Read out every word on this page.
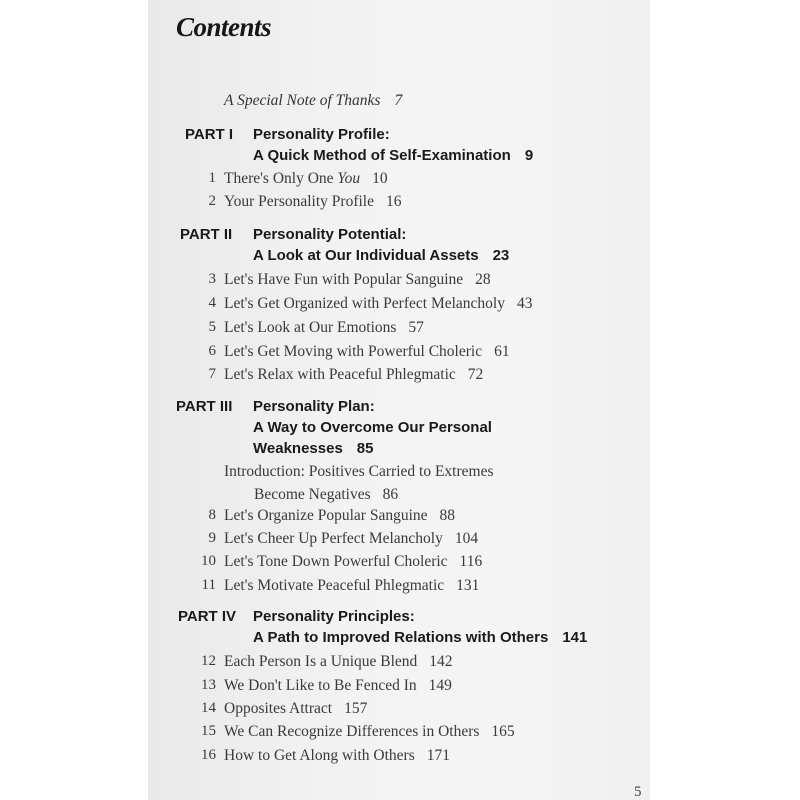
Contents
A Special Note of Thanks 7
PART I Personality Profile:
A Quick Method of Self-Examination 9
1 There's Only One You 10
2 Your Personality Profile 16
PART II Personality Potential:
A Look at Our Individual Assets 23
3 Let's Have Fun with Popular Sanguine 28
4 Let's Get Organized with Perfect Melancholy 43
5 Let's Look at Our Emotions 57
6 Let's Get Moving with Powerful Choleric 61
7 Let's Relax with Peaceful Phlegmatic 72
PART III Personality Plan:
A Way to Overcome Our Personal
Weaknesses 85
Introduction: Positives Carried to Extremes
Become Negatives 86
8 Let's Organize Popular Sanguine 88
9 Let's Cheer Up Perfect Melancholy 104
10 Let's Tone Down Powerful Choleric 116
11 Let's Motivate Peaceful Phlegmatic 131
PART IV Personality Principles:
A Path to Improved Relations with Others 141
12 Each Person Is a Unique Blend 142
13 We Don't Like to Be Fenced In 149
14 Opposites Attract 157
15 We Can Recognize Differences in Others 165
16 How to Get Along with Others 171
5
